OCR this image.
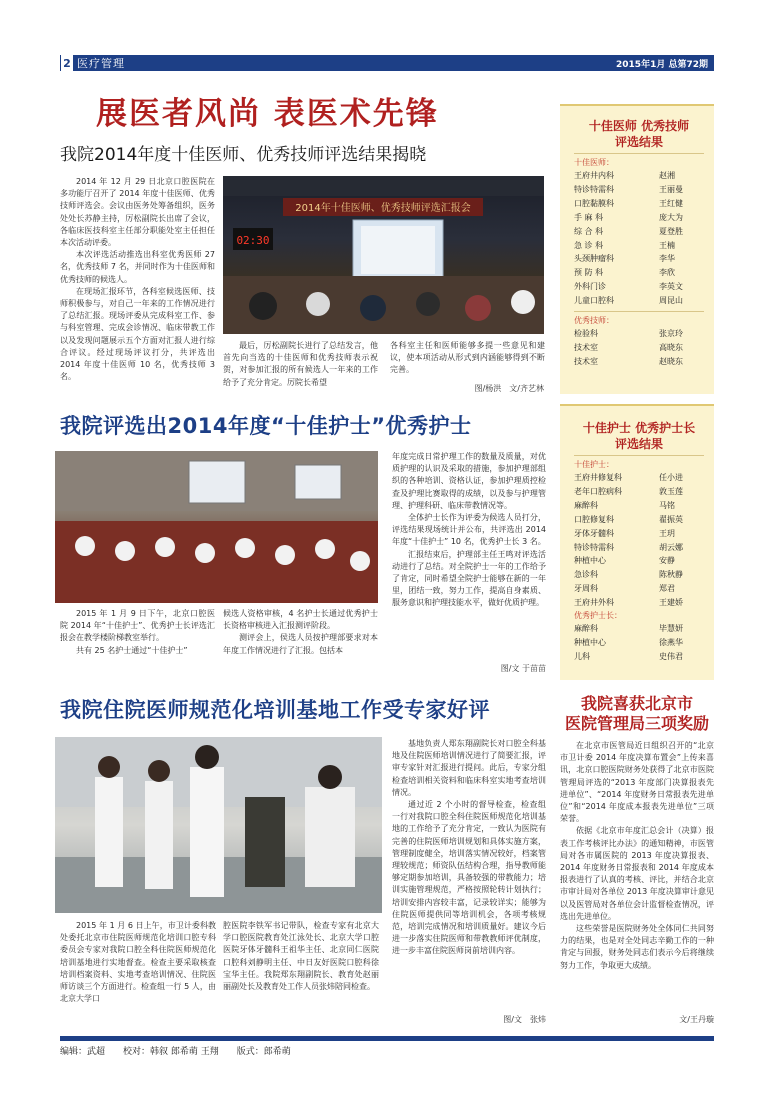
2 医疗管理	2015年1月 总第72期
展医者风尚 表医术先锋
我院2014年度十佳医师、优秀技师评选结果揭晓

2014 年 12 月 29 日北京口腔医院在多功能厅召开了 2014 年度十佳医师、优秀技师评选会。会议由医务处筹备组织，医务处处长苏静主持，厉松副院长出席了会议，各临床医技科室主任部分职能处室主任担任本次活动评委。

本次评选活动推选出科室优秀医师 27 名，优秀技师 7 名，并同时作为十佳医师和优秀技师的候选人。

在现场汇报环节，各科室候选医师、技师积极参与，对自己一年来的工作情况进行了总结汇报。现场评委从完成科室工作、参与科室管理、完成会诊情况、临床带教工作以及发现问题展示五个方面对汇报人进行综合评议。经过现场评议打分，共评选出 2014 年度十佳医师 10 名，优秀技师 3 名。

2014年十佳医师、优秀技师评选汇报会
02:30

最后，厉松副院长进行了总结发言，他首先向当选的十佳医师和优秀技师表示祝贺，对参加汇报的所有候选人一年来的工作给予了充分肯定。厉院长希望

各科室主任和医师能够多提一些意见和建议，使本项活动从形式到内涵能够得到不断完善。

图/杨洪　文/齐艺林
十佳医师 优秀技师
评选结果
十佳医师：
王府井内科	赵湘
特诊特需科	王丽曼
口腔黏膜科	王红健
手 麻 科	庞大为
综 合 科	夏登胜
急 诊 科	王楠
头颈肿瘤科	李华
预 防 科	李欣
外科门诊	李英文
儿童口腔科	周昆山
优秀技师：
检验科	张京玲
技术室	高晓东
技术室	赵晓东
我院评选出2014年度“十佳护士”优秀护士

2015 年 1 月 9 日下午，北京口腔医院 2014 年“十佳护士”、优秀护士长评选汇报会在教学楼阶梯教室举行。

共有 25 名护士通过“十佳护士”

候选人资格审核，4 名护士长通过优秀护士长资格审核进入汇报测评阶段。

测评会上，侯选人员按护理部要求对本年度工作情况进行了汇报。包括本

年度完成日常护理工作的数量及质量，对优质护理的认识及采取的措施，参加护理部组织的各种培训、资格认证，参加护理质控检查及护理比赛取得的成绩，以及参与护理管理、护理科研、临床带教情况等。

全体护士长作为评委为候选人员打分，评选结果现场统计并公布，共评选出 2014 年度“十佳护士” 10 名，优秀护士长 3 名。

汇报结束后，护理部主任王鸣对评选活动进行了总结。对全院护士一年的工作给予了肯定，同时希望全院护士能够在新的一年里，团结一致，努力工作，提高自身素质、服务意识和护理技能水平，做好优质护理。

图/文 于苗苗
十佳护士 优秀护士长
评选结果
十佳护士：
王府井修复科	任小进
老年口腔病科	敦玉莲
麻醉科	马铭
口腔修复科	翟振英
牙体牙髓科	王玥
特诊特需科	胡云娜
种植中心	安静
急诊科	陈秋静
牙周科	郑君
王府井外科	王建娇
优秀护士长：
麻醉科	毕慧妍
种植中心	徐燕华
儿科	史伟君
我院住院医师规范化培训基地工作受专家好评

2015 年 1 月 6 日上午，市卫计委科教处委托北京市住院医师规范化培训口腔专科委员会专家对我院口腔全科住院医师规范化培训基地进行实地督查。检查主要采取核查培训档案资料、实地考查培训情况、住院医师访谈三个方面进行。检查组一行 5 人，由北京大学口

腔医院李铁军书记带队，检查专家有北京大学口腔医院教育处江泳处长、北京大学口腔医院牙体牙髓科王祖华主任、北京同仁医院口腔科刘静明主任、中日友好医院口腔科徐宝华主任。我院郑东翔副院长、教育处赵丽丽副处长及教育处工作人员张炜陪同检查。

基地负责人郑东翔副院长对口腔全科基地及住院医师培训情况进行了简要汇报，评审专家针对汇报进行提问。此后，专家分组检查培训相关资料和临床科室实地考查培训情况。

通过近 2 个小时的督导检查，检查组一行对我院口腔全科住院医师规范化培训基地的工作给予了充分肯定，一致认为医院有完善的住院医师培训规划和具体实施方案，管理制度健全，培训落实情况较好，档案管理较规范；师资队伍结构合理，指导教师能够定期参加培训，具备较强的带教能力；培训实施管理规范，严格按照轮转计划执行；培训安排内容较丰富，记录较详实；能够为住院医师提供同等培训机会，各项考核规范，培训完成情况和培训质量好。建议今后进一步落实住院医师和带教教师评优制度，进一步丰富住院医师岗前培训内容。

图/文　张炜
我院喜获北京市
医院管理局三项奖励

在北京市医管局近日组织召开的“北京市卫计委 2014 年度决算布置会”上传来喜讯，北京口腔医院财务处获得了北京市医院管理局评选的“2013 年度部门决算报表先进单位”、“2014 年度财务日常报表先进单位”和“2014 年度成本报表先进单位”三项荣誉。

依据《北京市年度汇总会计（决算）报表工作考核评比办法》的通知精神，市医管局对各市属医院的 2013 年度决算报表、2014 年度财务日常报表和 2014 年度成本报表进行了认真的考核、评比，并结合北京市审计局对各单位 2013 年度决算审计意见以及医管局对各单位会计监督检查情况，评选出先进单位。

这些荣誉是医院财务处全体同仁共同努力的结果，也是对全处同志辛勤工作的一种肯定与回报，财务处同志们表示今后将继续努力工作，争取更大成绩。

文/王丹璇
编辑：武超　　校对：韩叙 郎希萌 王翔　　版式：郎希萌
